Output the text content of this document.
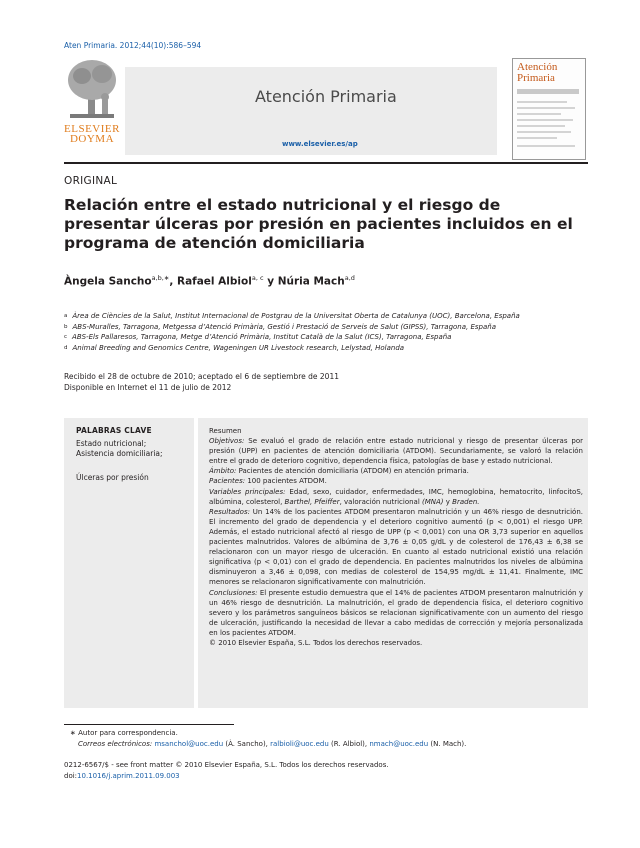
Aten Primaria. 2012;44(10):586–594
ELSEVIER DOYMA
Atención Primaria
www.elsevier.es/ap
Atención Primaria
ORIGINAL
Relación entre el estado nutricional y el riesgo de presentar úlceras por presión en pacientes incluidos en el programa de atención domiciliaria
Àngela Sancho$^{a,b,∗}$, Rafael Albiol$^{a, c}$ y Núria Mach$^{a,d}$
$^a$ Àrea de Ciències de la Salut, Institut Internacional de Postgrau de la Universitat Oberta de Catalunya (UOC), Barcelona, España
$^b$ ABS-Muralles, Tarragona, Metgessa d’Atenció Primària, Gestió i Prestació de Serveis de Salut (GIPSS), Tarragona, España
$^c$ ABS-Els Pallaresos, Tarragona, Metge d’Atenció Primària, Institut Català de la Salut (ICS), Tarragona, España
$^d$ Animal Breeding and Genomics Centre, Wageningen UR Livestock research, Lelystad, Holanda
Recibido el 28 de octubre de 2010; aceptado el 6 de septiembre de 2011
Disponible en Internet el 11 de julio de 2012
PALABRAS CLAVE
Estado nutricional;
Asistencia domiciliaria;
Úlceras por presión

Resumen

Objetivos: Se evaluó el grado de relación entre estado nutricional y riesgo de presentar úlceras por presión (UPP) en pacientes de atención domiciliaria (ATDOM). Secundariamente, se valoró la relación entre el grado de deterioro cognitivo, dependencia física, patologías de base y estado nutricional.

Ámbito: Pacientes de atención domiciliaria (ATDOM) en atención primaria.

Pacientes: 100 pacientes ATDOM.

Variables principales: Edad, sexo, cuidador, enfermedades, IMC, hemoglobina, hematocrito, linfocitoS, albúmina, colesterol, Barthel, Pfeiffer, valoración nutricional (MNA) y Braden.

Resultados: Un 14% de los pacientes ATDOM presentaron malnutrición y un 46% riesgo de desnutrición. El incremento del grado de dependencia y el deterioro cognitivo aumentó (p < 0,001) el riesgo UPP. Además, el estado nutricional afectó al riesgo de UPP (p < 0,001) con una OR 3,73 superior en aquellos pacientes malnutridos. Valores de albúmina de 3,76 ± 0,05 g/dL y de colesterol de 176,43 ± 6,38 se relacionaron con un mayor riesgo de ulceración. En cuanto al estado nutricional existió una relación significativa (p < 0,01) con el grado de dependencia. En pacientes malnutridos los niveles de albúmina disminuyeron a 3,46 ± 0,098, con medias de colesterol de 154,95 mg/dL ± 11,41. Finalmente, IMC menores se relacionaron significativamente con malnutrición.

Conclusiones: El presente estudio demuestra que el 14% de pacientes ATDOM presentaron malnutrición y un 46% riesgo de desnutrición. La malnutrición, el grado de dependencia física, el deterioro cognitivo severo y los parámetros sanguíneos básicos se relacionan significativamente con un aumento del riesgo de ulceración, justificando la necesidad de llevar a cabo medidas de corrección y mejoría personalizada en los pacientes ATDOM.

© 2010 Elsevier España, S.L. Todos los derechos reservados.

∗ Autor para correspondencia.
Correos electrónicos: msanchol@uoc.edu (À. Sancho), ralbioli@uoc.edu (R. Albiol), nmach@uoc.edu (N. Mach).
0212-6567/$ - see front matter © 2010 Elsevier España, S.L. Todos los derechos reservados.
doi:10.1016/j.aprim.2011.09.003
